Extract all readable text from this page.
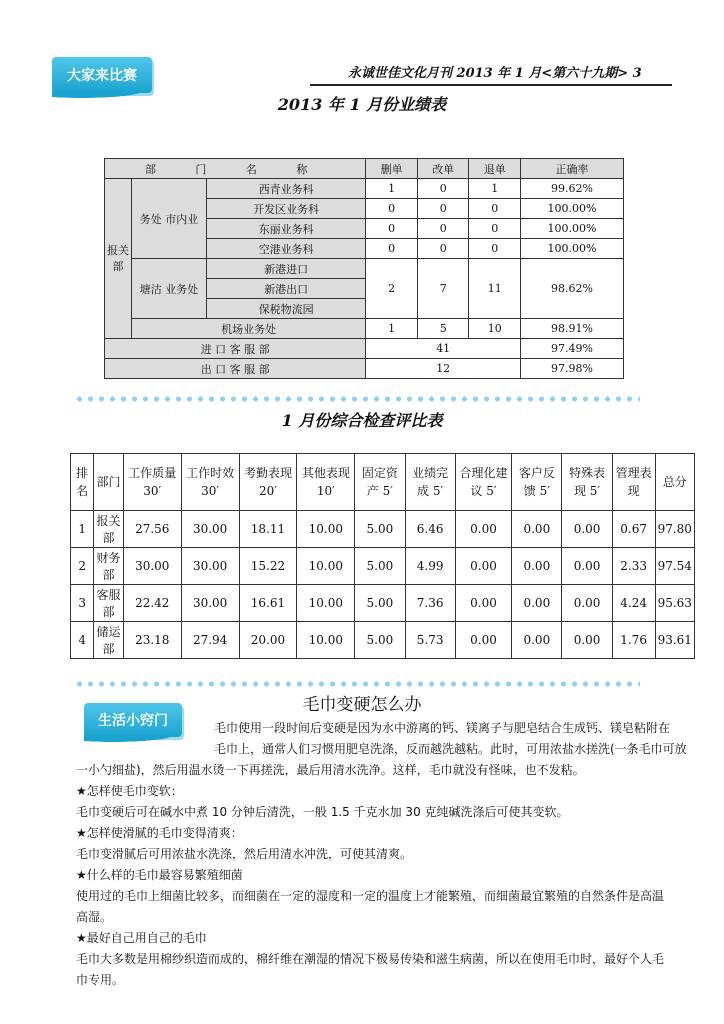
大家来比赛	永诚世佳文化月刊 2013 年 1 月<第六十九期> 3
2013 年 1 月份业绩表
部 门 名 称			删单	改单	退单	正确率
报关部	务处 市内业	西青业务科	1	0	1	99.62%
		开发区业务科	0	0	0	100.00%
		东丽业务科	0	0	0	100.00%
		空港业务科	0	0	0	100.00%
	塘沽 业务处	新港进口	2	7	11	98.62%
		新港出口				
		保税物流园				
	机场业务处		1	5	10	98.91%
进 口 客 服 部			41			97.49%
出 口 客 服 部			12			97.98%
1 月份综合检查评比表
排名	部门	工作质量 30′	工作时效 30′	考勤表现 20′	其他表现 10′	固定资产 5′	业绩完成 5′	合理化建议 5′	客户反馈 5′	特殊表现 5′	管理表现	总分
1	报关部	27.56	30.00	18.11	10.00	5.00	6.46	0.00	0.00	0.00	0.67	97.80
2	财务部	30.00	30.00	15.22	10.00	5.00	4.99	0.00	0.00	0.00	2.33	97.54
3	客服部	22.42	30.00	16.61	10.00	5.00	7.36	0.00	0.00	0.00	4.24	95.63
4	储运部	23.18	27.94	20.00	10.00	5.00	5.73	0.00	0.00	0.00	1.76	93.61
毛巾变硬怎么办
生活小窍门	毛巾使用一段时间后变硬是因为水中游离的钙、镁离子与肥皂结合生成钙、镁皂粘附在

毛巾上，通常人们习惯用肥皂洗涤，反而越洗越粘。此时，可用浓盐水搓洗(一条毛巾可放

一小勺细盐)，然后用温水烫一下再搓洗，最后用清水洗净。这样，毛巾就没有怪味，也不发粘。

★怎样使毛巾变软：

毛巾变硬后可在碱水中煮 10 分钟后清洗，一般 1.5 千克水加 30 克纯碱洗涤后可使其变软。

★怎样使滑腻的毛巾变得清爽：

毛巾变滑腻后可用浓盐水洗涤，然后用清水冲洗，可使其清爽。

★什么样的毛巾最容易繁殖细菌

使用过的毛巾上细菌比较多，而细菌在一定的湿度和一定的温度上才能繁殖，而细菌最宜繁殖的自然条件是高温

高湿。

★最好自己用自己的毛巾

毛巾大多数是用棉纱织造而成的，棉纤维在潮湿的情况下极易传染和滋生病菌，所以在使用毛巾时，最好个人毛

巾专用。
